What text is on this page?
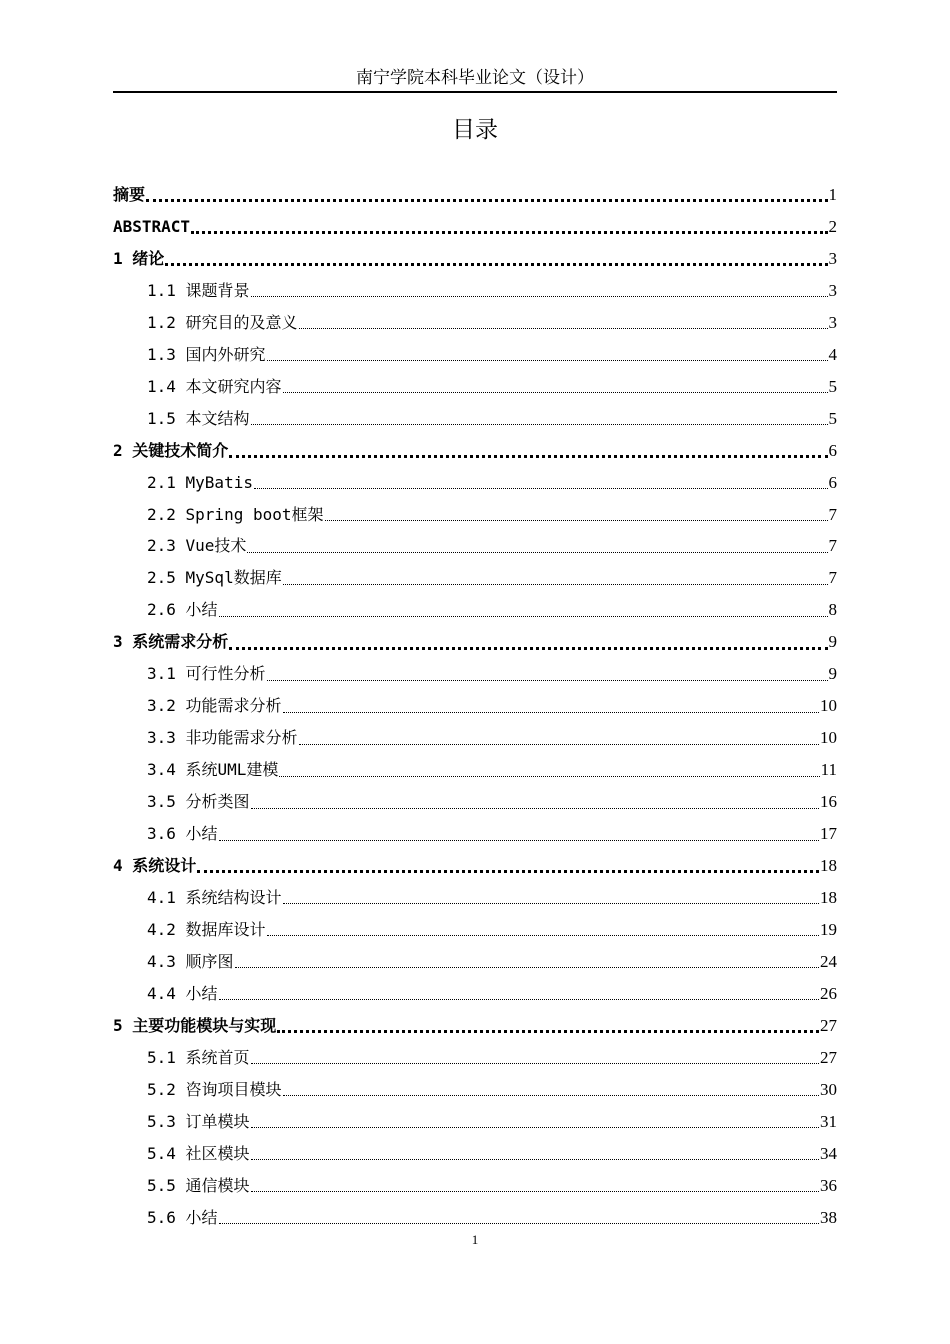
南宁学院本科毕业论文（设计）
目录
摘要	1
ABSTRACT	2
1 绪论	3
1.1 课题背景	3
1.2 研究目的及意义	3
1.3 国内外研究	4
1.4 本文研究内容	5
1.5 本文结构	5
2 关键技术简介	6
2.1 MyBatis	6
2.2 Spring boot框架	7
2.3 Vue技术	7
2.5 MySql数据库	7
2.6 小结	8
3 系统需求分析	9
3.1 可行性分析	9
3.2 功能需求分析	10
3.3 非功能需求分析	10
3.4 系统UML建模	11
3.5 分析类图	16
3.6 小结	17
4 系统设计	18
4.1 系统结构设计	18
4.2 数据库设计	19
4.3 顺序图	24
4.4 小结	26
5 主要功能模块与实现	27
5.1 系统首页	27
5.2 咨询项目模块	30
5.3 订单模块	31
5.4 社区模块	34
5.5 通信模块	36
5.6 小结	38
1
